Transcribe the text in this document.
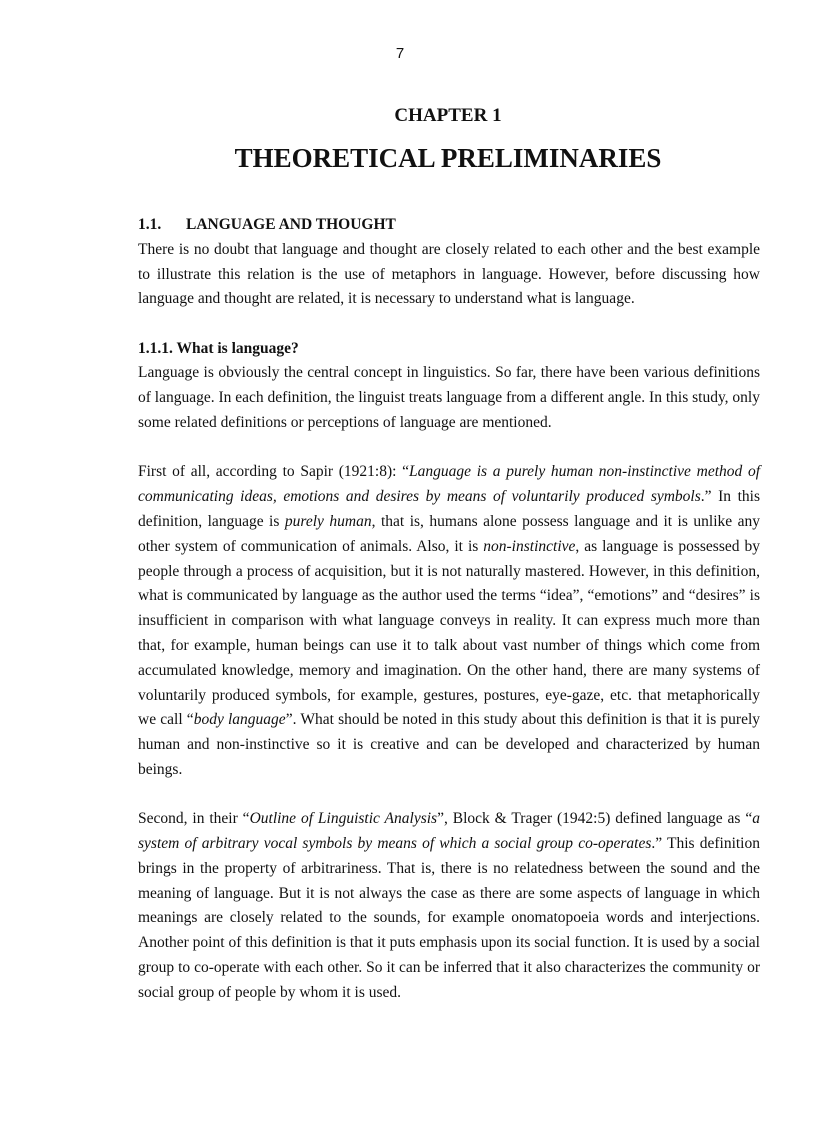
7
CHAPTER 1
THEORETICAL PRELIMINARIES
1.1. LANGUAGE AND THOUGHT

There is no doubt that language and thought are closely related to each other and the best example to illustrate this relation is the use of metaphors in language. However, before discussing how language and thought are related, it is necessary to understand what is language.

1.1.1. What is language?

Language is obviously the central concept in linguistics. So far, there have been various definitions of language. In each definition, the linguist treats language from a different angle. In this study, only some related definitions or perceptions of language are mentioned.

First of all, according to Sapir (1921:8): “Language is a purely human non-instinctive method of communicating ideas, emotions and desires by means of voluntarily produced symbols.” In this definition, language is purely human, that is, humans alone possess language and it is unlike any other system of communication of animals. Also, it is non-instinctive, as language is possessed by people through a process of acquisition, but it is not naturally mastered. However, in this definition, what is communicated by language as the author used the terms “idea”, “emotions” and “desires” is insufficient in comparison with what language conveys in reality. It can express much more than that, for example, human beings can use it to talk about vast number of things which come from accumulated knowledge, memory and imagination. On the other hand, there are many systems of voluntarily produced symbols, for example, gestures, postures, eye-gaze, etc. that metaphorically we call “body language”. What should be noted in this study about this definition is that it is purely human and non-instinctive so it is creative and can be developed and characterized by human beings.

Second, in their “Outline of Linguistic Analysis”, Block & Trager (1942:5) defined language as “a system of arbitrary vocal symbols by means of which a social group co-operates.” This definition brings in the property of arbitrariness. That is, there is no relatedness between the sound and the meaning of language. But it is not always the case as there are some aspects of language in which meanings are closely related to the sounds, for example onomatopoeia words and interjections. Another point of this definition is that it puts emphasis upon its social function. It is used by a social group to co-operate with each other. So it can be inferred that it also characterizes the community or social group of people by whom it is used.
